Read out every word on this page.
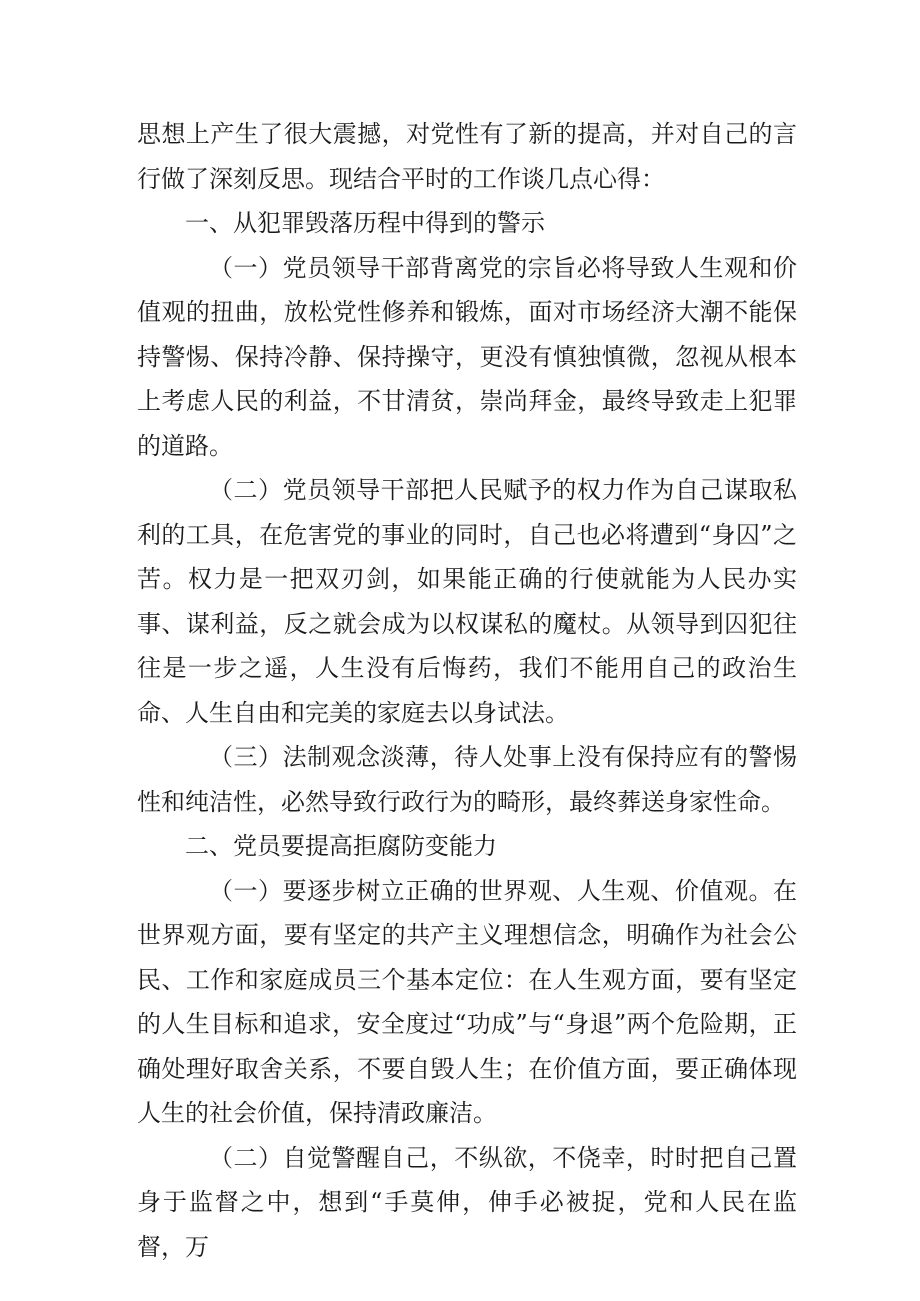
思想上产生了很大震撼，对党性有了新的提高，并对自己的言行做了深刻反思。现结合平时的工作谈几点心得：

一、从犯罪毁落历程中得到的警示

（一）党员领导干部背离党的宗旨必将导致人生观和价值观的扭曲，放松党性修养和锻炼，面对市场经济大潮不能保持警惕、保持冷静、保持操守，更没有慎独慎微，忽视从根本上考虑人民的利益，不甘清贫，崇尚拜金，最终导致走上犯罪的道路。

（二）党员领导干部把人民赋予的权力作为自己谋取私利的工具，在危害党的事业的同时，自己也必将遭到“身囚”之苦。权力是一把双刃剑，如果能正确的行使就能为人民办实事、谋利益，反之就会成为以权谋私的魔杖。从领导到囚犯往往是一步之遥，人生没有后悔药，我们不能用自己的政治生命、人生自由和完美的家庭去以身试法。

（三）法制观念淡薄，待人处事上没有保持应有的警惕性和纯洁性，必然导致行政行为的畸形，最终葬送身家性命。

二、党员要提高拒腐防变能力

（一）要逐步树立正确的世界观、人生观、价值观。在世界观方面，要有坚定的共产主义理想信念，明确作为社会公民、工作和家庭成员三个基本定位：在人生观方面，要有坚定的人生目标和追求，安全度过“功成”与“身退”两个危险期，正确处理好取舍关系，不要自毁人生；在价值方面，要正确体现人生的社会价值，保持清政廉洁。

（二）自觉警醒自己，不纵欲，不侥幸，时时把自己置身于监督之中，想到“手莫伸，伸手必被捉，党和人民在监督，万
